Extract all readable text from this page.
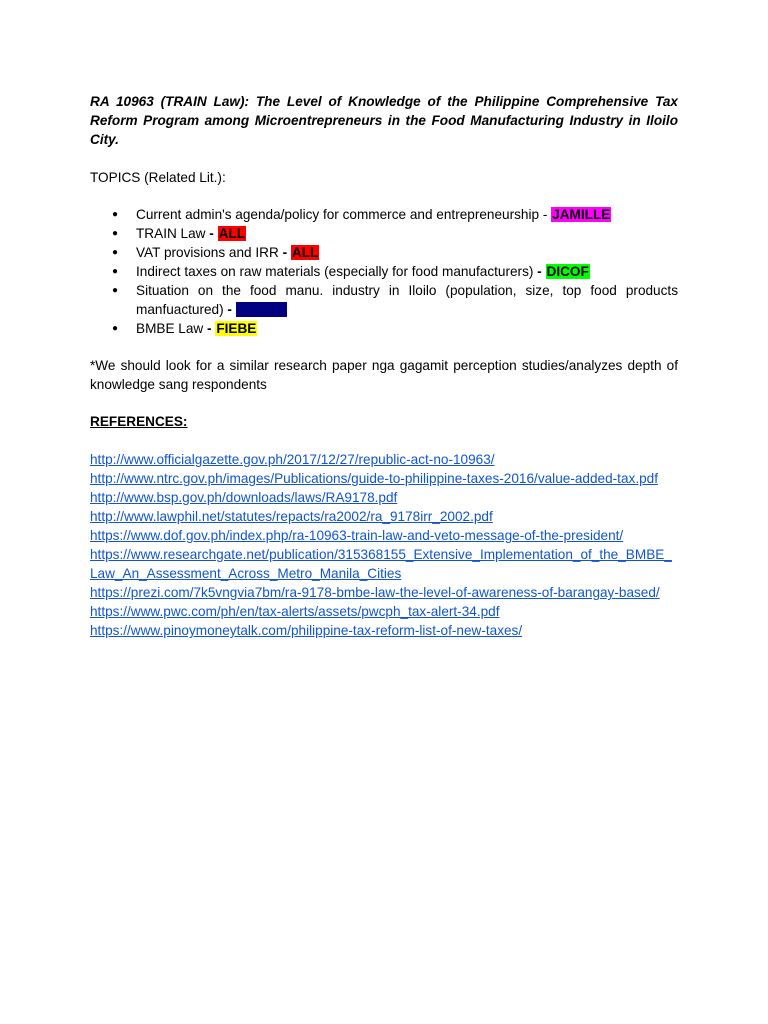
RA 10963 (TRAIN Law): The Level of Knowledge of the Philippine Comprehensive Tax Reform Program among Microentrepreneurs in the Food Manufacturing Industry in Iloilo City.

TOPICS (Related Lit.):

● Current admin's agenda/policy for commerce and entrepreneurship - JAMILLE
● TRAIN Law - ALL
● VAT provisions and IRR - ALL
● Indirect taxes on raw materials (especially for food manufacturers) - DICOF
● Situation on the food manu. industry in Iloilo (population, size, top food products manfuactured) - ROBER
● BMBE Law - FIEBE

*We should look for a similar research paper nga gagamit perception studies/analyzes depth of knowledge sang respondents

REFERENCES:

http://www.officialgazette.gov.ph/2017/12/27/republic-act-no-10963/
http://www.ntrc.gov.ph/images/Publications/guide-to-philippine-taxes-2016/value-added-tax.pdf
http://www.bsp.gov.ph/downloads/laws/RA9178.pdf
http://www.lawphil.net/statutes/repacts/ra2002/ra_9178irr_2002.pdf
https://www.dof.gov.ph/index.php/ra-10963-train-law-and-veto-message-of-the-president/
https://www.researchgate.net/publication/315368155_Extensive_Implementation_of_the_BMBE_Law_An_Assessment_Across_Metro_Manila_Cities
https://prezi.com/7k5vngvia7bm/ra-9178-bmbe-law-the-level-of-awareness-of-barangay-based/
https://www.pwc.com/ph/en/tax-alerts/assets/pwcph_tax-alert-34.pdf
https://www.pinoymoneytalk.com/philippine-tax-reform-list-of-new-taxes/
